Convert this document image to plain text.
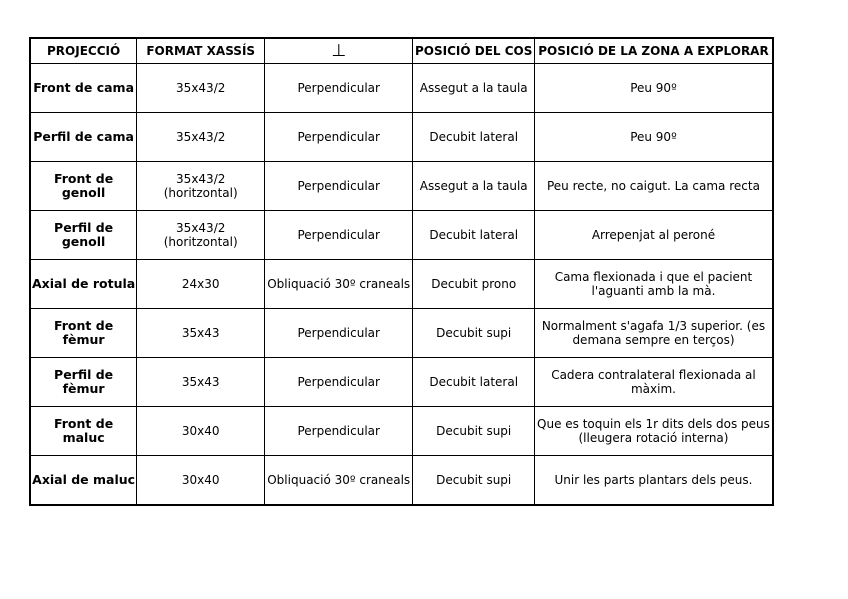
PROJECCIÓ	FORMAT XASSÍS	⊥	POSICIÓ DEL COS	POSICIÓ DE LA ZONA A EXPLORAR
Front de cama	35x43/2	Perpendicular	Assegut a la taula	Peu 90º
Perfil de cama	35x43/2	Perpendicular	Decubit lateral	Peu 90º
Front de genoll	35x43/2 (horitzontal)	Perpendicular	Assegut a la taula	Peu recte, no caigut. La cama recta
Perfil de genoll	35x43/2 (horitzontal)	Perpendicular	Decubit lateral	Arrepenjat al peroné
Axial de rotula	24x30	Obliquació 30º craneals	Decubit prono	Cama flexionada i que el pacient l'aguanti amb la mà.
Front de fèmur	35x43	Perpendicular	Decubit supi	Normalment s'agafa 1/3 superior. (es demana sempre en terços)
Perfil de fèmur	35x43	Perpendicular	Decubit lateral	Cadera contralateral flexionada al màxim.
Front de maluc	30x40	Perpendicular	Decubit supi	Que es toquin els 1r dits dels dos peus (lleugera rotació interna)
Axial de maluc	30x40	Obliquació 30º craneals	Decubit supi	Unir les parts plantars dels peus.
